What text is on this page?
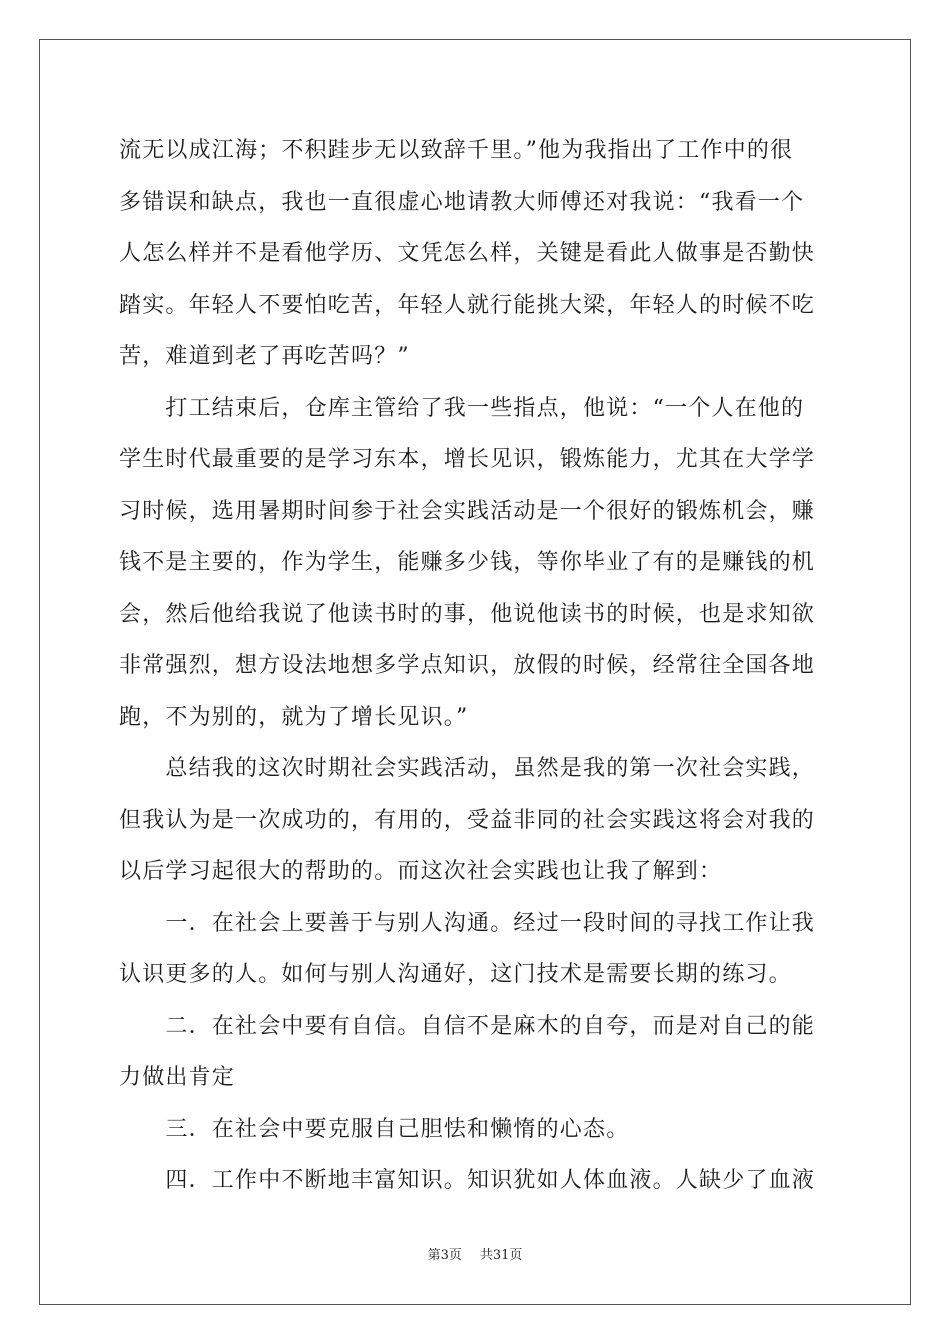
流无以成江海；不积跬步无以致辞千里。”他为我指出了工作中的很
多错误和缺点，我也一直很虚心地请教大师傅还对我说：“我看一个
人怎么样并不是看他学历、文凭怎么样，关键是看此人做事是否勤快
踏实。年轻人不要怕吃苦，年轻人就行能挑大梁，年轻人的时候不吃
苦，难道到老了再吃苦吗？”
　　打工结束后，仓库主管给了我一些指点，他说：“一个人在他的
学生时代最重要的是学习东本，增长见识，锻炼能力，尤其在大学学
习时候，选用暑期时间参于社会实践活动是一个很好的锻炼机会，赚
钱不是主要的，作为学生，能赚多少钱，等你毕业了有的是赚钱的机
会，然后他给我说了他读书时的事，他说他读书的时候，也是求知欲
非常强烈，想方设法地想多学点知识，放假的时候，经常往全国各地
跑，不为别的，就为了增长见识。”
　　总结我的这次时期社会实践活动，虽然是我的第一次社会实践，
但我认为是一次成功的，有用的，受益非同的社会实践这将会对我的
以后学习起很大的帮助的。而这次社会实践也让我了解到：
　　一．在社会上要善于与别人沟通。经过一段时间的寻找工作让我
认识更多的人。如何与别人沟通好，这门技术是需要长期的练习。
　　二．在社会中要有自信。自信不是麻木的自夸，而是对自己的能
力做出肯定
　　三．在社会中要克服自己胆怯和懒惰的心态。
　　四．工作中不断地丰富知识。知识犹如人体血液。人缺少了血液
第3页 共31页
